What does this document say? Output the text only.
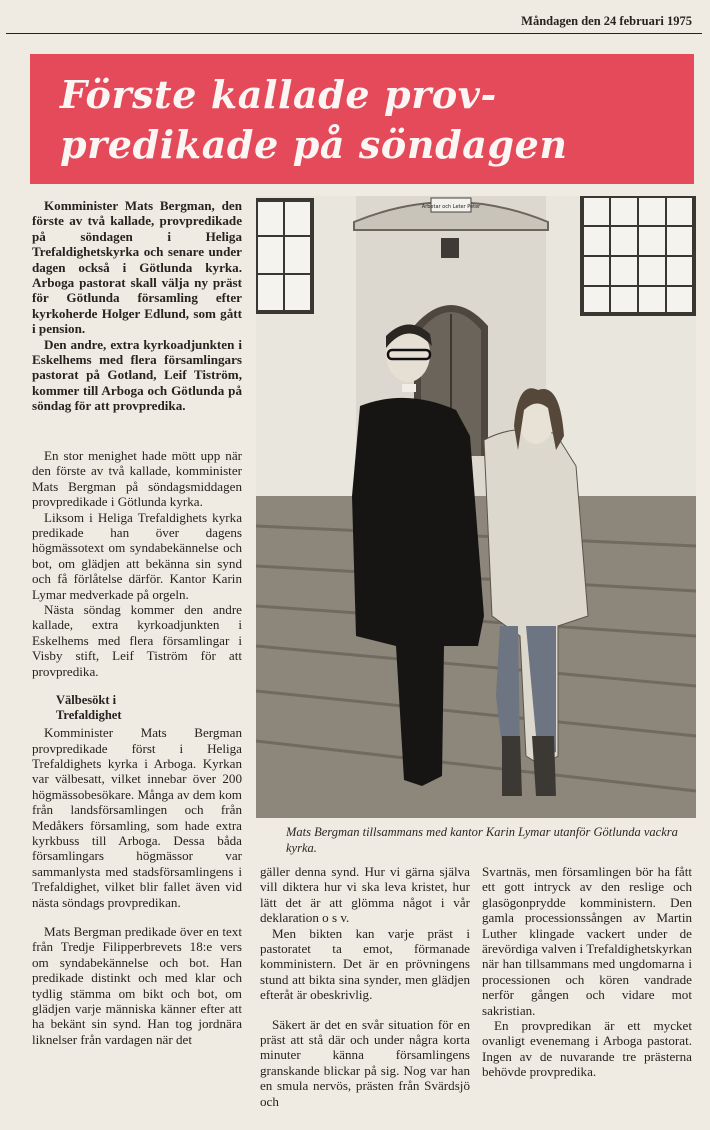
Måndagen den 24 februari 1975
Förste kallade prov-
predikade på söndagen

Komminister Mats Bergman, den förste av två kallade, provpredikade på söndagen i Heliga Trefaldighetskyrka och senare under dagen också i Götlunda kyrka. Arboga pastorat skall välja ny präst för Götlunda församling efter kyrkoherde Holger Edlund, som gått i pension.

Den andre, extra kyrkoadjunkten i Eskelhems med flera församlingars pastorat på Gotland, Leif Tiström, kommer till Arboga och Götlunda på söndag för att provpredika.

En stor menighet hade mött upp när den förste av två kallade, komminister Mats Bergman på söndagsmiddagen provpredikade i Götlunda kyrka.

Liksom i Heliga Trefaldighets kyrka predikade han över dagens högmässotext om syndabekännelse och bot, om glädjen att bekänna sin synd och få förlåtelse därför. Kantor Karin Lymar medverkade på orgeln.

Nästa söndag kommer den andre kallade, extra kyrkoadjunkten i Eskelhems med flera församlingar i Visby stift, Leif Tiström för att provpredika.

Välbesökt i
Trefaldighet

Komminister Mats Bergman provpredikade först i Heliga Trefaldighets kyrka i Arboga. Kyrkan var välbesatt, vilket innebar över 200 högmässobesökare. Många av dem kom från landsförsamlingen och från Medåkers församling, som hade extra kyrkbuss till Arboga. Dessa båda församlingars högmässor var sammanlysta med stadsförsamlingens i Trefaldighet, vilket blir fallet även vid nästa söndags provpredikan.

Mats Bergman predikade över en text från Tredje Filipperbrevets 18:e vers om syndabekännelse och bot. Han predikade distinkt och med klar och tydlig stämma om bikt och bot, om glädjen varje människa känner efter att ha bekänt sin synd. Han tog jordnära liknelser från vardagen när det

Arbetar och Leter Peter
Mats Bergman tillsammans med kantor Karin Lymar utanför Götlunda vackra kyrka.

gäller denna synd. Hur vi gärna själva vill diktera hur vi ska leva kristet, hur lätt det är att glömma något i vår deklaration o s v.

Men bikten kan varje präst i pastoratet ta emot, förmanade komministern. Det är en prövningens stund att bikta sina synder, men glädjen efteråt är obeskrivlig.

Säkert är det en svår situation för en präst att stå där och under några korta minuter känna församlingens granskande blickar på sig. Nog var han en smula nervös, prästen från Svärdsjö och

Svartnäs, men församlingen bör ha fått ett gott intryck av den reslige och glasögonprydde komministern. Den gamla processionssången av Martin Luther klingade vackert under de ärevördiga valven i Trefaldighetskyrkan när han tillsammans med ungdomarna i processionen och kören vandrade nerför gången och vidare mot sakristian.

En provpredikan är ett mycket ovanligt evenemang i Arboga pastorat. Ingen av de nuvarande tre prästerna behövde provpredika.
